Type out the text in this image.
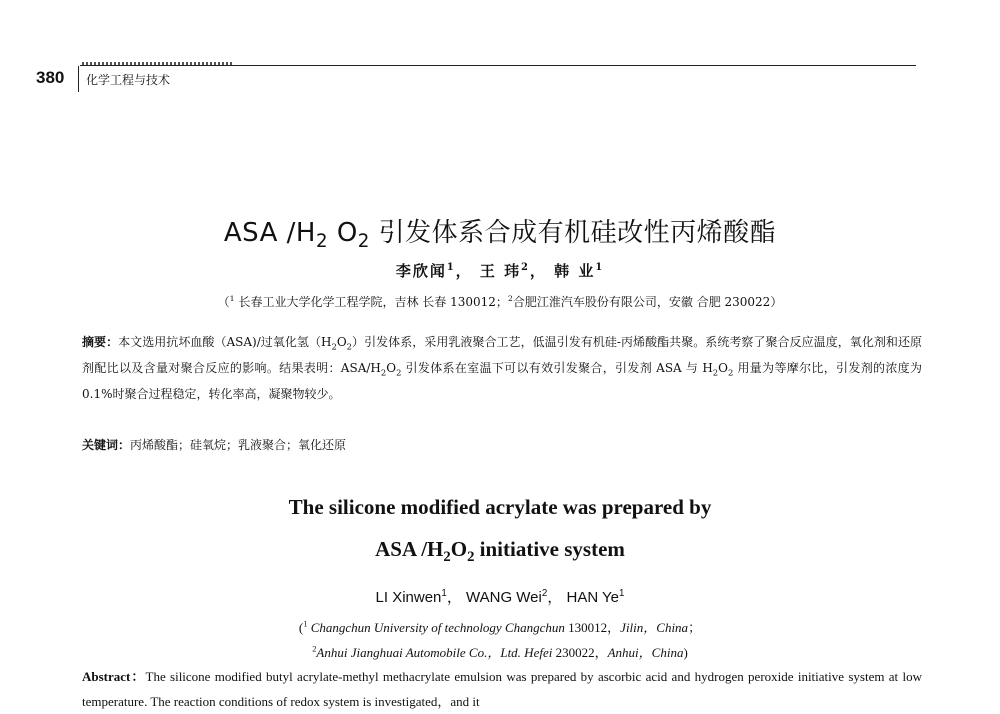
380 化学工程与技术
ASA $/H_2$ $O_2$ 引发体系合成有机硅改性丙烯酸酯
李欣闻$^1$， 王 玮$^2$， 韩 业$^1$
（$^1$ 长春工业大学化学工程学院，吉林 长春 130012；$^2$合肥江淮汽车股份有限公司，安徽 合肥 230022）
摘要：本文选用抗坏血酸（ASA)/过氧化氢$(H_2O_2)$引发体系，采用乳液聚合工艺，低温引发有机硅-丙烯酸酯共聚。系统考察了聚合反应温度，氧化剂和还原剂配比以及含量对聚合反应的影响。结果表明：ASA/$H_2O_2$ 引发体系在室温下可以有效引发聚合，引发剂 ASA 与 $H_2O_2$ 用量为等摩尔比，引发剂的浓度为 0.1%时聚合过程稳定，转化率高，凝聚物较少。
关键词：丙烯酸酯；硅氧烷；乳液聚合；氧化还原
The silicone modified acrylate was prepared by
ASA $/H_2O_2$ initiative system
LI Xinwen$^1$， WANG Wei$^2$， HAN Ye$^1$
($^1$ Changchun University of technology Changchun 130012，Jilin，China；
$^2$Anhui Jianghuai Automobile Co.，Ltd. Hefei 230022，Anhui，China)
Abstract：The silicone modified butyl acrylate-methyl methacrylate emulsion was prepared by ascorbic acid and hydrogen peroxide initiative system at low temperature. The reaction conditions of redox system is investigated，and it
